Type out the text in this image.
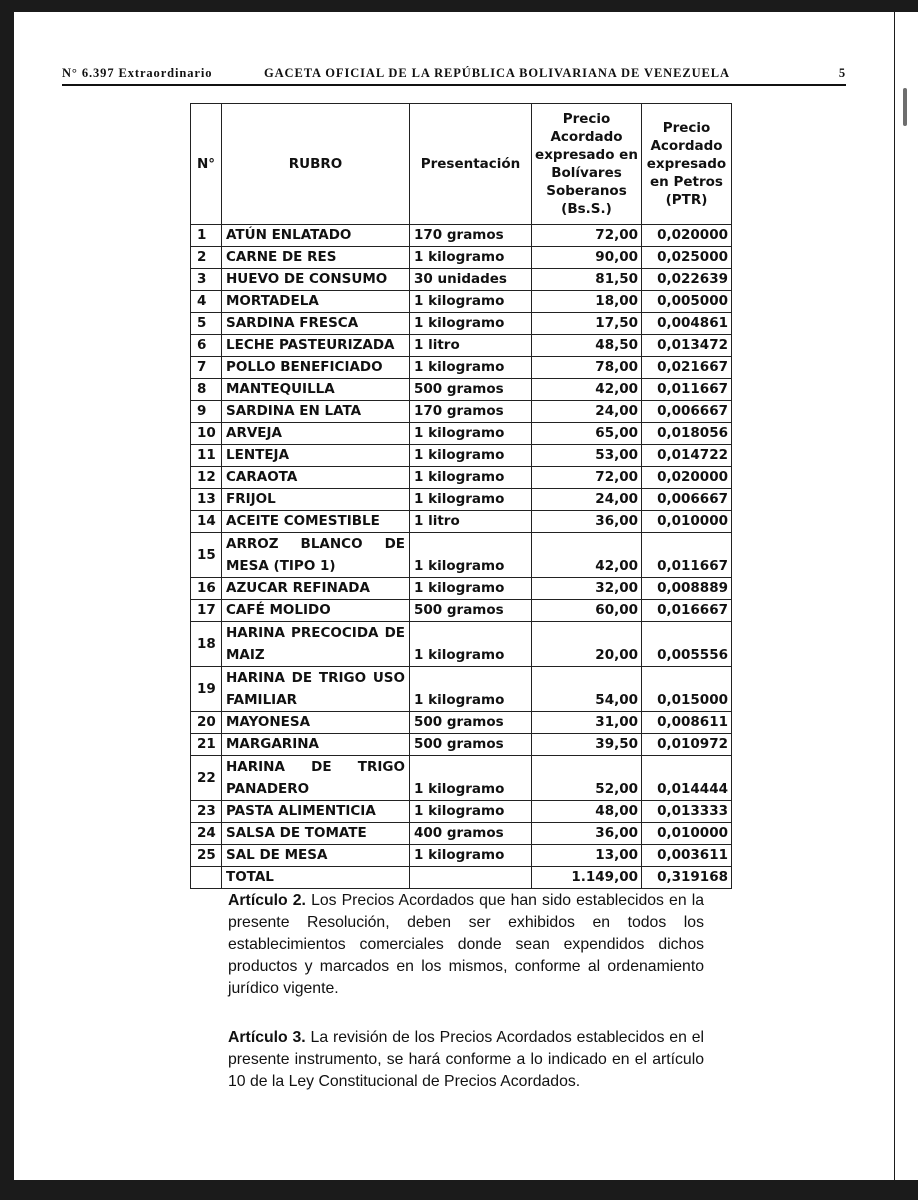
N° 6.397 Extraordinario	GACETA OFICIAL DE LA REPÚBLICA BOLIVARIANA DE VENEZUELA	5
N°	RUBRO	Presentación	Precio Acordado expresado en Bolívares Soberanos (Bs.S.)	Precio Acordado expresado en Petros (PTR)
1	ATÚN ENLATADO	170 gramos	72,00	0,020000
2	CARNE DE RES	1 kilogramo	90,00	0,025000
3	HUEVO DE CONSUMO	30 unidades	81,50	0,022639
4	MORTADELA	1 kilogramo	18,00	0,005000
5	SARDINA FRESCA	1 kilogramo	17,50	0,004861
6	LECHE PASTEURIZADA	1 litro	48,50	0,013472
7	POLLO BENEFICIADO	1 kilogramo	78,00	0,021667
8	MANTEQUILLA	500 gramos	42,00	0,011667
9	SARDINA EN LATA	170 gramos	24,00	0,006667
10	ARVEJA	1 kilogramo	65,00	0,018056
11	LENTEJA	1 kilogramo	53,00	0,014722
12	CARAOTA	1 kilogramo	72,00	0,020000
13	FRIJOL	1 kilogramo	24,00	0,006667
14	ACEITE COMESTIBLE	1 litro	36,00	0,010000
15	ARROZ BLANCO DE MESA (TIPO 1)	1 kilogramo	42,00	0,011667
16	AZUCAR REFINADA	1 kilogramo	32,00	0,008889
17	CAFÉ MOLIDO	500 gramos	60,00	0,016667
18	HARINA PRECOCIDA DE MAIZ	1 kilogramo	20,00	0,005556
19	HARINA DE TRIGO USO FAMILIAR	1 kilogramo	54,00	0,015000
20	MAYONESA	500 gramos	31,00	0,008611
21	MARGARINA	500 gramos	39,50	0,010972
22	HARINA DE TRIGO PANADERO	1 kilogramo	52,00	0,014444
23	PASTA ALIMENTICIA	1 kilogramo	48,00	0,013333
24	SALSA DE TOMATE	400 gramos	36,00	0,010000
25	SAL DE MESA	1 kilogramo	13,00	0,003611
	TOTAL		1.149,00	0,319168

Artículo 2. Los Precios Acordados que han sido establecidos en la presente Resolución, deben ser exhibidos en todos los establecimientos comerciales donde sean expendidos dichos productos y marcados en los mismos, conforme al ordenamiento jurídico vigente.

Artículo 3. La revisión de los Precios Acordados establecidos en el presente instrumento, se hará conforme a lo indicado en el artículo 10 de la Ley Constitucional de Precios Acordados.
